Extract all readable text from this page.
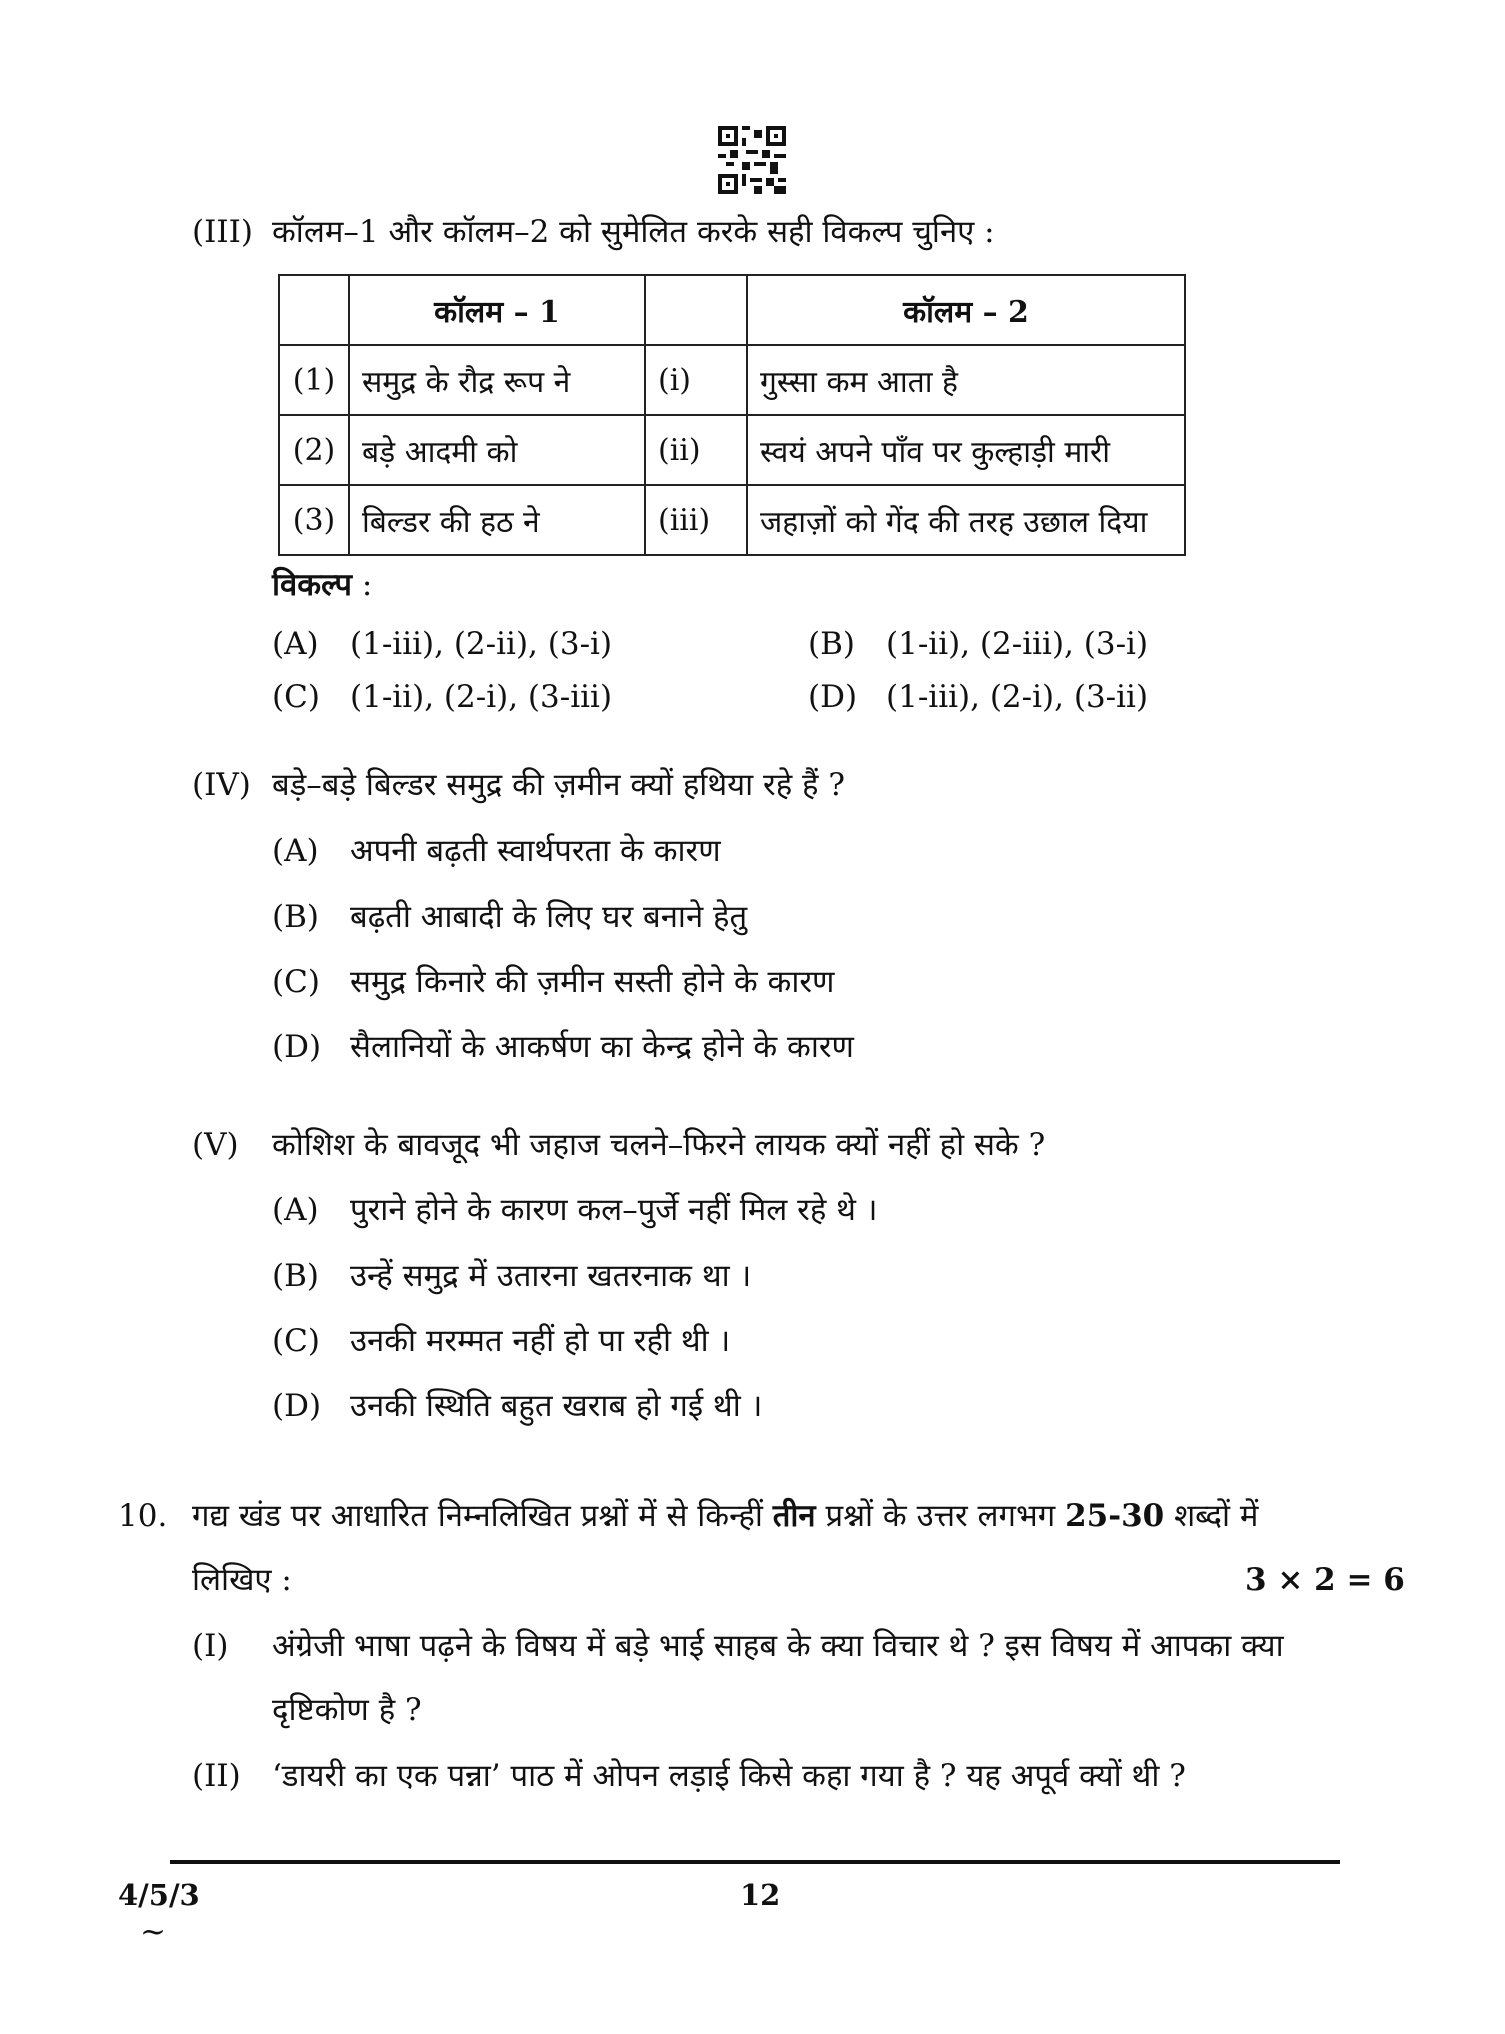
(III) कॉलम–1 और कॉलम–2 को सुमेलित करके सही विकल्प चुनिए :
	कॉलम – 1		कॉलम – 2
(1)	समुद्र के रौद्र रूप ने	(i)	गुस्सा कम आता है
(2)	बड़े आदमी को	(ii)	स्वयं अपने पाँव पर कुल्हाड़ी मारी
(3)	बिल्डर की हठ ने	(iii)	जहाज़ों को गेंद की तरह उछाल दिया
विकल्प :
(A) (1-iii), (2-ii), (3-i)	(B) (1-ii), (2-iii), (3-i)
(C) (1-ii), (2-i), (3-iii)	(D) (1-iii), (2-i), (3-ii)
(IV) बड़े–बड़े बिल्डर समुद्र की ज़मीन क्यों हथिया रहे हैं ?
(A) अपनी बढ़ती स्वार्थपरता के कारण
(B) बढ़ती आबादी के लिए घर बनाने हेतु
(C) समुद्र किनारे की ज़मीन सस्ती होने के कारण
(D) सैलानियों के आकर्षण का केन्द्र होने के कारण
(V) कोशिश के बावजूद भी जहाज चलने–फिरने लायक क्यों नहीं हो सके ?
(A) पुराने होने के कारण कल–पुर्जे नहीं मिल रहे थे ।
(B) उन्हें समुद्र में उतारना खतरनाक था ।
(C) उनकी मरम्मत नहीं हो पा रही थी ।
(D) उनकी स्थिति बहुत खराब हो गई थी ।
10. गद्य खंड पर आधारित निम्नलिखित प्रश्नों में से किन्हीं तीन प्रश्नों के उत्तर लगभग 25-30 शब्दों में
लिखिए :	3 × 2 = 6
(I) अंग्रेजी भाषा पढ़ने के विषय में बड़े भाई साहब के क्या विचार थे ? इस विषय में आपका क्या
दृष्टिकोण है ?
(II) ‘डायरी का एक पन्ना’ पाठ में ओपन लड़ाई किसे कहा गया है ? यह अपूर्व क्यों थी ?
4/5/3	12
~
